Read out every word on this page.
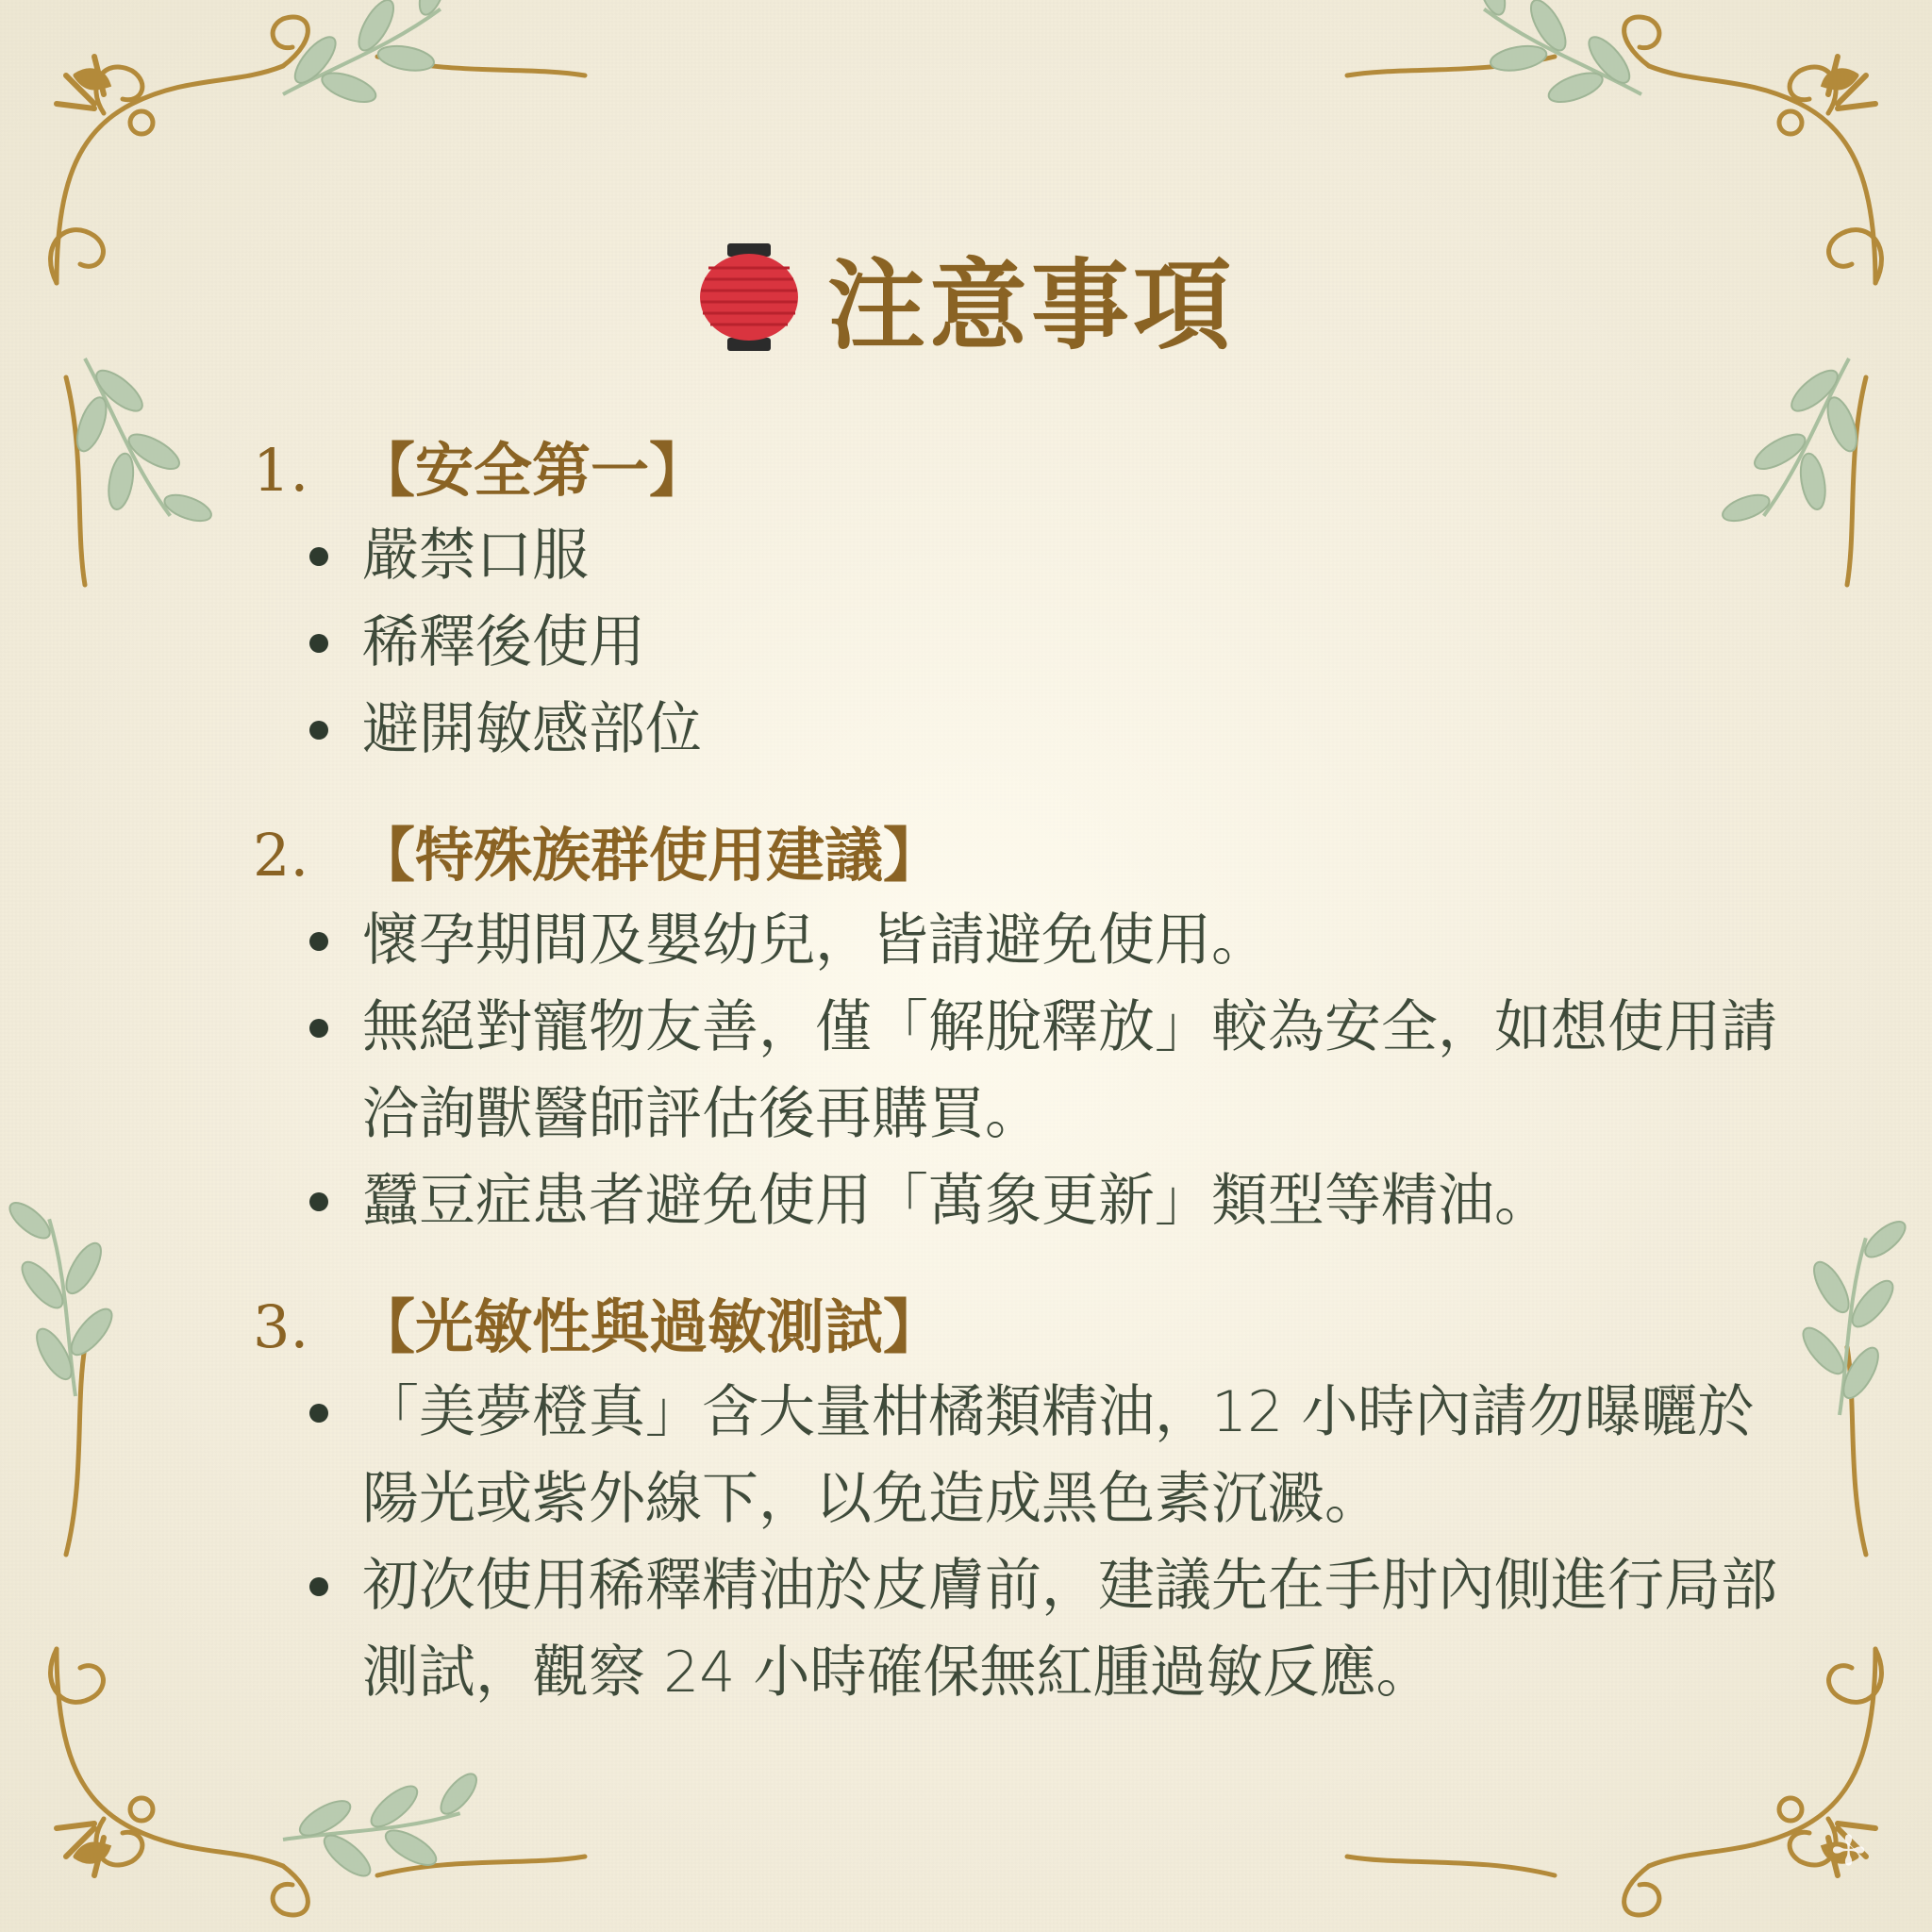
注意事項
1. 【安全第一】
嚴禁口服
稀釋後使用
避開敏感部位
2. 【特殊族群使用建議】
懷孕期間及嬰幼兒，皆請避免使用。
無絕對寵物友善，僅「解脫釋放」較為安全，如想使用請洽詢獸醫師評估後再購買。
蠶豆症患者避免使用「萬象更新」類型等精油。
3. 【光敏性與過敏測試】
「美夢橙真」含大量柑橘類精油，12 小時內請勿曝曬於陽光或紫外線下，以免造成黑色素沉澱。
初次使用稀釋精油於皮膚前，建議先在手肘內側進行局部測試，觀察 24 小時確保無紅腫過敏反應。
✢
